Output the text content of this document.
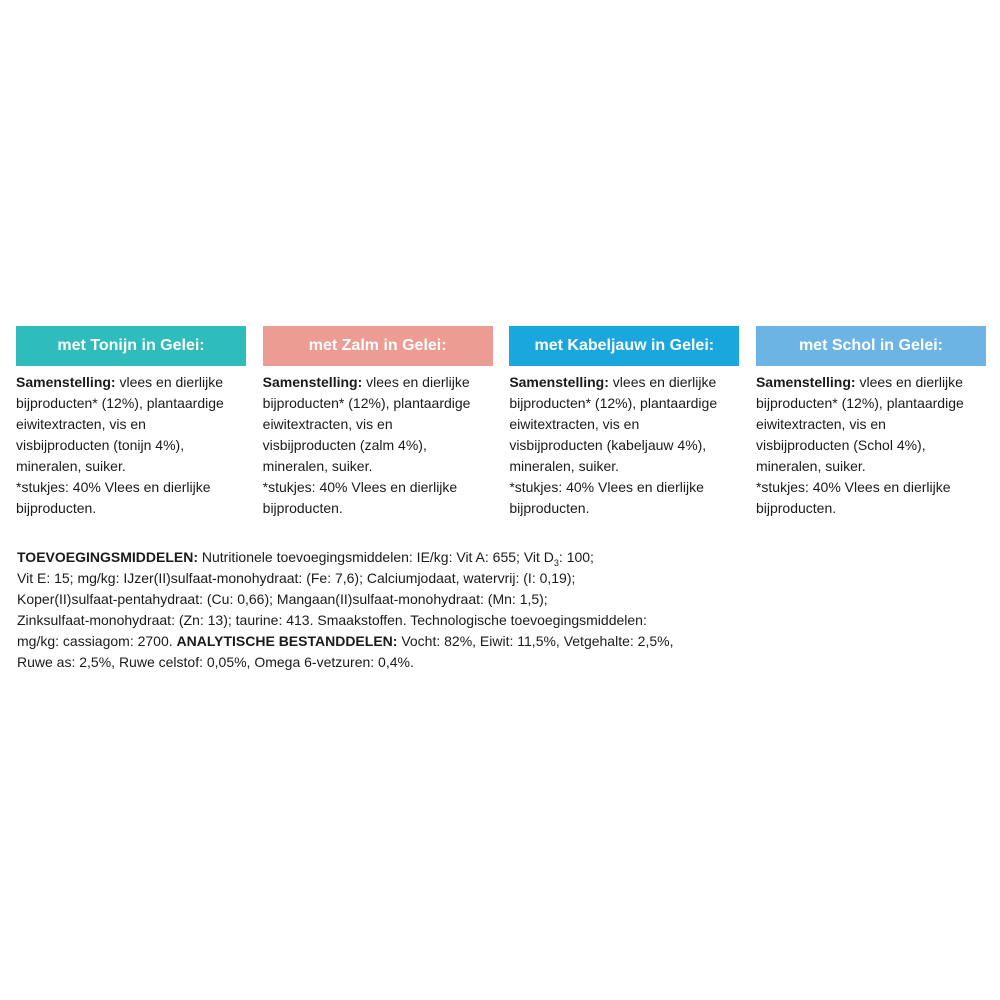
met Tonijn in Gelei:
Samenstelling: vlees en dierlijke
bijproducten* (12%), plantaardige
eiwitextracten, vis en
visbijproducten (tonijn 4%),
mineralen, suiker.
*stukjes: 40% Vlees en dierlijke
bijproducten.
met Zalm in Gelei:
Samenstelling: vlees en dierlijke
bijproducten* (12%), plantaardige
eiwitextracten, vis en
visbijproducten (zalm 4%),
mineralen, suiker.
*stukjes: 40% Vlees en dierlijke
bijproducten.
met Kabeljauw in Gelei:
Samenstelling: vlees en dierlijke
bijproducten* (12%), plantaardige
eiwitextracten, vis en
visbijproducten (kabeljauw 4%),
mineralen, suiker.
*stukjes: 40% Vlees en dierlijke
bijproducten.
met Schol in Gelei:
Samenstelling: vlees en dierlijke
bijproducten* (12%), plantaardige
eiwitextracten, vis en
visbijproducten (Schol 4%),
mineralen, suiker.
*stukjes: 40% Vlees en dierlijke
bijproducten.
TOEVOEGINGSMIDDELEN: Nutritionele toevoegingsmiddelen: IE/kg: Vit A: 655; Vit $D_3$: 100;
Vit E: 15; mg/kg: IJzer(II)sulfaat-monohydraat: (Fe: 7,6); Calciumjodaat, watervrij: (I: 0,19);
Koper(II)sulfaat-pentahydraat: (Cu: 0,66); Mangaan(II)sulfaat-monohydraat: (Mn: 1,5);
Zinksulfaat-monohydraat: (Zn: 13); taurine: 413. Smaakstoffen. Technologische toevoegingsmiddelen:
mg/kg: cassiagom: 2700. ANALYTISCHE BESTANDDELEN: Vocht: 82%, Eiwit: 11,5%, Vetgehalte: 2,5%,
Ruwe as: 2,5%, Ruwe celstof: 0,05%, Omega 6-vetzuren: 0,4%.
